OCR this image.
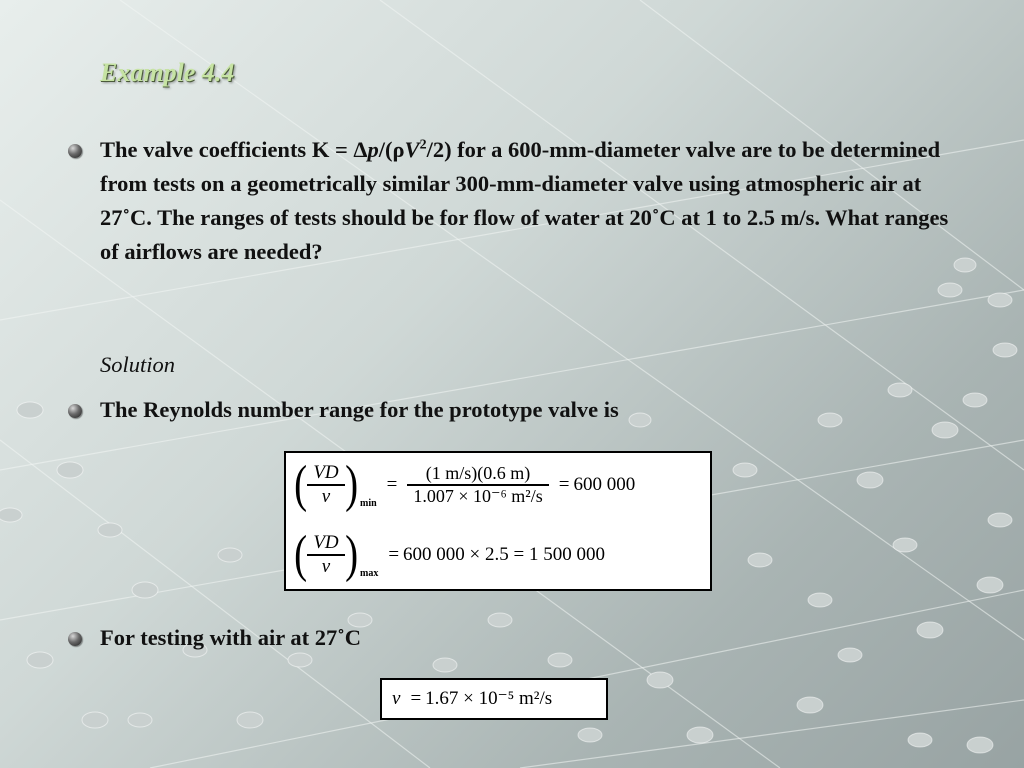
Example 4.4
The valve coefficients $K = \Delta p/(\rho V^2/2)$ for a 600-mm-diameter valve are to be determined from tests on a geometrically similar 300-mm-diameter valve using atmospheric air at 27˚C. The ranges of tests should be for flow of water at 20˚C at 1 to 2.5 m/s. What ranges of airflows are needed?
Solution
The Reynolds number range for the prototype valve is
( $\frac{VD}{\nu}$ ) min
= $\frac{(1 m/s)(0.6 m)}{\text{1.007 × 10⁻⁶ m²/s}} = 600$ 000
( $\frac{VD}{\nu}$ ) max
= 600 000 × 2.5 = 1 500 000
For testing with air at 27˚C
ν = 1.67 × 10⁻⁵ m²/s
